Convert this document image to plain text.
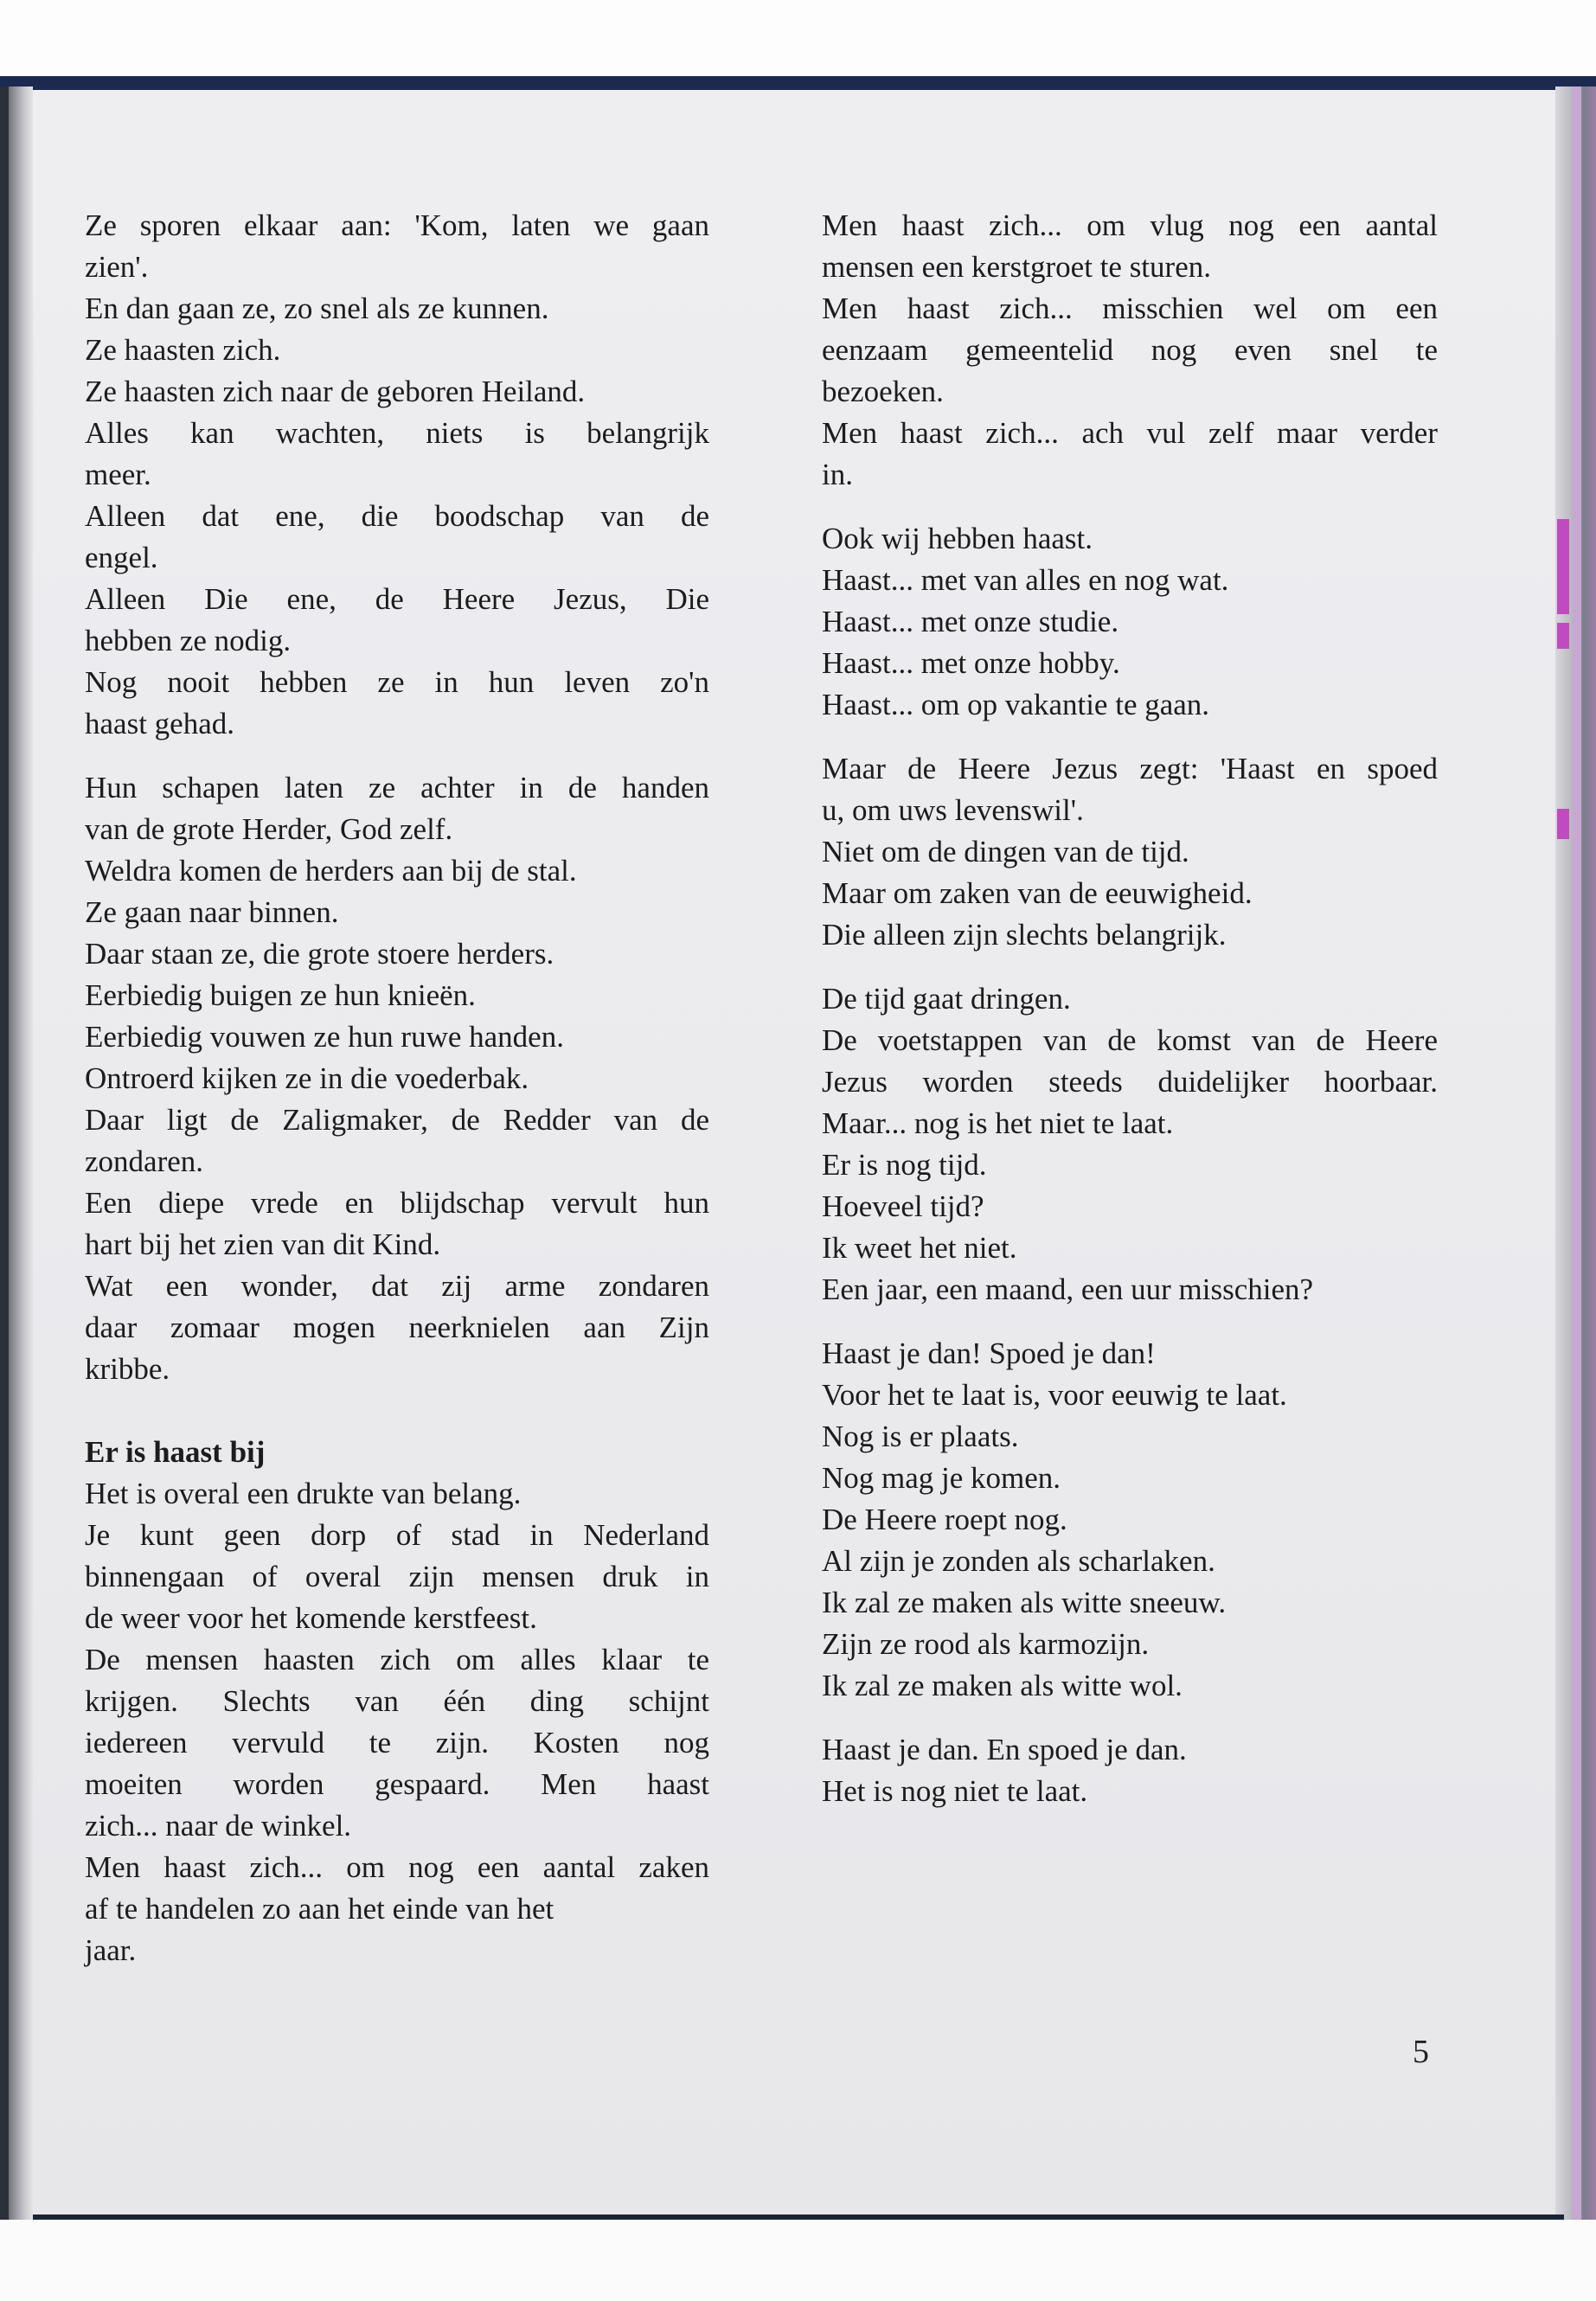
Ze sporen elkaar aan: 'Kom, laten we gaan

zien'.

En dan gaan ze, zo snel als ze kunnen.

Ze haasten zich.

Ze haasten zich naar de geboren Heiland.

Alles kan wachten, niets is belangrijk

meer.

Alleen dat ene, die boodschap van de

engel.

Alleen Die ene, de Heere Jezus, Die

hebben ze nodig.

Nog nooit hebben ze in hun leven zo'n

haast gehad.

Hun schapen laten ze achter in de handen

van de grote Herder, God zelf.

Weldra komen de herders aan bij de stal.

Ze gaan naar binnen.

Daar staan ze, die grote stoere herders.

Eerbiedig buigen ze hun knieën.

Eerbiedig vouwen ze hun ruwe handen.

Ontroerd kijken ze in die voederbak.

Daar ligt de Zaligmaker, de Redder van de

zondaren.

Een diepe vrede en blijdschap vervult hun

hart bij het zien van dit Kind.

Wat een wonder, dat zij arme zondaren

daar zomaar mogen neerknielen aan Zijn

kribbe.

Er is haast bij

Het is overal een drukte van belang.

Je kunt geen dorp of stad in Nederland

binnengaan of overal zijn mensen druk in

de weer voor het komende kerstfeest.

De mensen haasten zich om alles klaar te

krijgen. Slechts van één ding schijnt

iedereen vervuld te zijn. Kosten nog

moeiten worden gespaard. Men haast

zich... naar de winkel.

Men haast zich... om nog een aantal zaken

af te handelen zo aan het einde van het

jaar.

Men haast zich... om vlug nog een aantal

mensen een kerstgroet te sturen.

Men haast zich... misschien wel om een

eenzaam gemeentelid nog even snel te

bezoeken.

Men haast zich... ach vul zelf maar verder

in.

Ook wij hebben haast.

Haast... met van alles en nog wat.

Haast... met onze studie.

Haast... met onze hobby.

Haast... om op vakantie te gaan.

Maar de Heere Jezus zegt: 'Haast en spoed

u, om uws levenswil'.

Niet om de dingen van de tijd.

Maar om zaken van de eeuwigheid.

Die alleen zijn slechts belangrijk.

De tijd gaat dringen.

De voetstappen van de komst van de Heere

Jezus worden steeds duidelijker hoorbaar.

Maar... nog is het niet te laat.

Er is nog tijd.

Hoeveel tijd?

Ik weet het niet.

Een jaar, een maand, een uur misschien?

Haast je dan! Spoed je dan!

Voor het te laat is, voor eeuwig te laat.

Nog is er plaats.

Nog mag je komen.

De Heere roept nog.

Al zijn je zonden als scharlaken.

Ik zal ze maken als witte sneeuw.

Zijn ze rood als karmozijn.

Ik zal ze maken als witte wol.

Haast je dan. En spoed je dan.

Het is nog niet te laat.

5
